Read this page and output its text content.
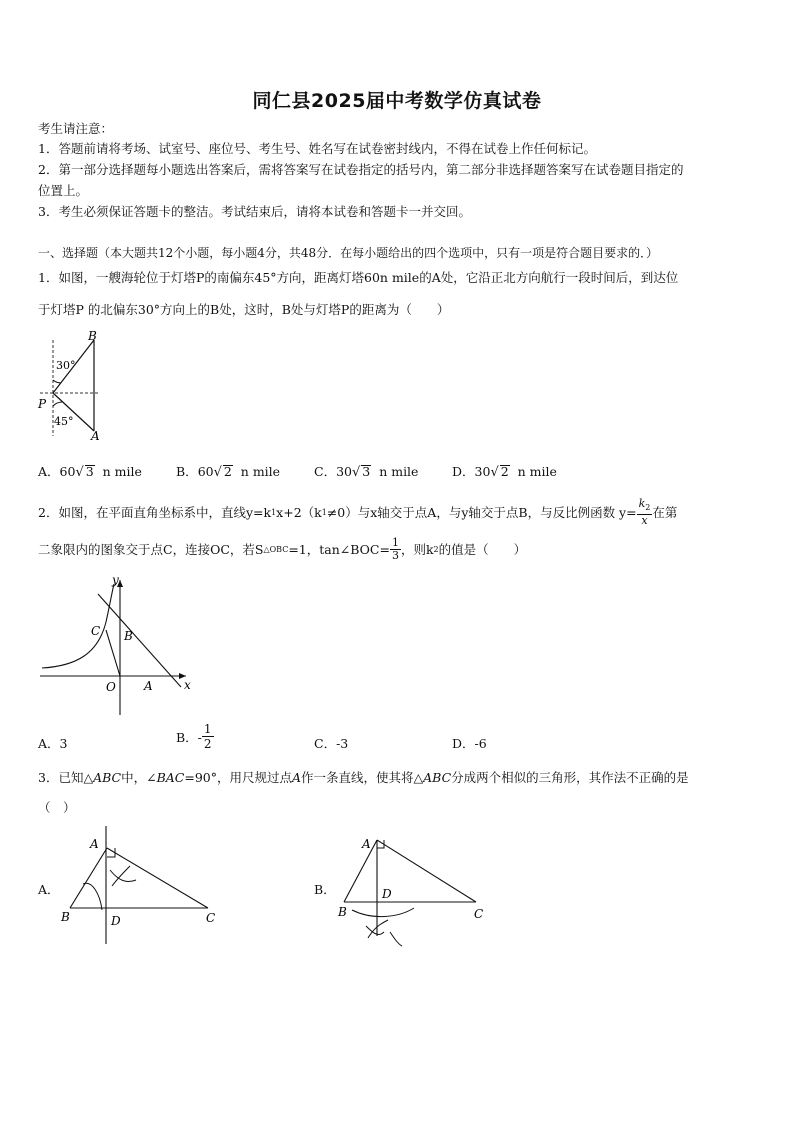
同仁县2025届中考数学仿真试卷
考生请注意：
1．答题前请将考场、试室号、座位号、考生号、姓名写在试卷密封线内，不得在试卷上作任何标记。
2．第一部分选择题每小题选出答案后，需将答案写在试卷指定的括号内，第二部分非选择题答案写在试卷题目指定的
位置上。
3．考生必须保证答题卡的整洁。考试结束后，请将本试卷和答题卡一并交回。
一、选择题（本大题共12个小题，每小题4分，共48分．在每小题给出的四个选项中，只有一项是符合题目要求的．）
1．如图，一艘海轮位于灯塔P的南偏东45°方向，距离灯塔60n mile的A处，它沿正北方向航行一段时间后，到达位
于灯塔P 的北偏东30°方向上的B处，这时，B处与灯塔P的距离为（　　）
B
30°
P
45°
A
A．60√ 3 n mile	B．60√ 2 n mile	C．30√ 3 n mile	D．30√ 2 n mile
2．如图，在平面直角坐标系中，直线y=k 1 x+2（k 1 ≠0）与x轴交于点A，与y轴交于点B，与反比例函数 $y= \frac{k_2}{x}$ 在第
二象限内的图象交于点C，连接OC，若S △OBC =1，tan∠BOC= $\frac{1}{3}$ ，则k 2 的值是（　　）
y
C B
O A	x
A．3	B．- $\frac{1}{2}$	C．-3	D．-6
3．已知△ABC中，∠BAC=90°，用尺规过点A作一条直线，使其将△ABC分成两个相似的三角形，其作法不正确的是
（　）
A．
A
B	D	C
B．
A
D
B	C
